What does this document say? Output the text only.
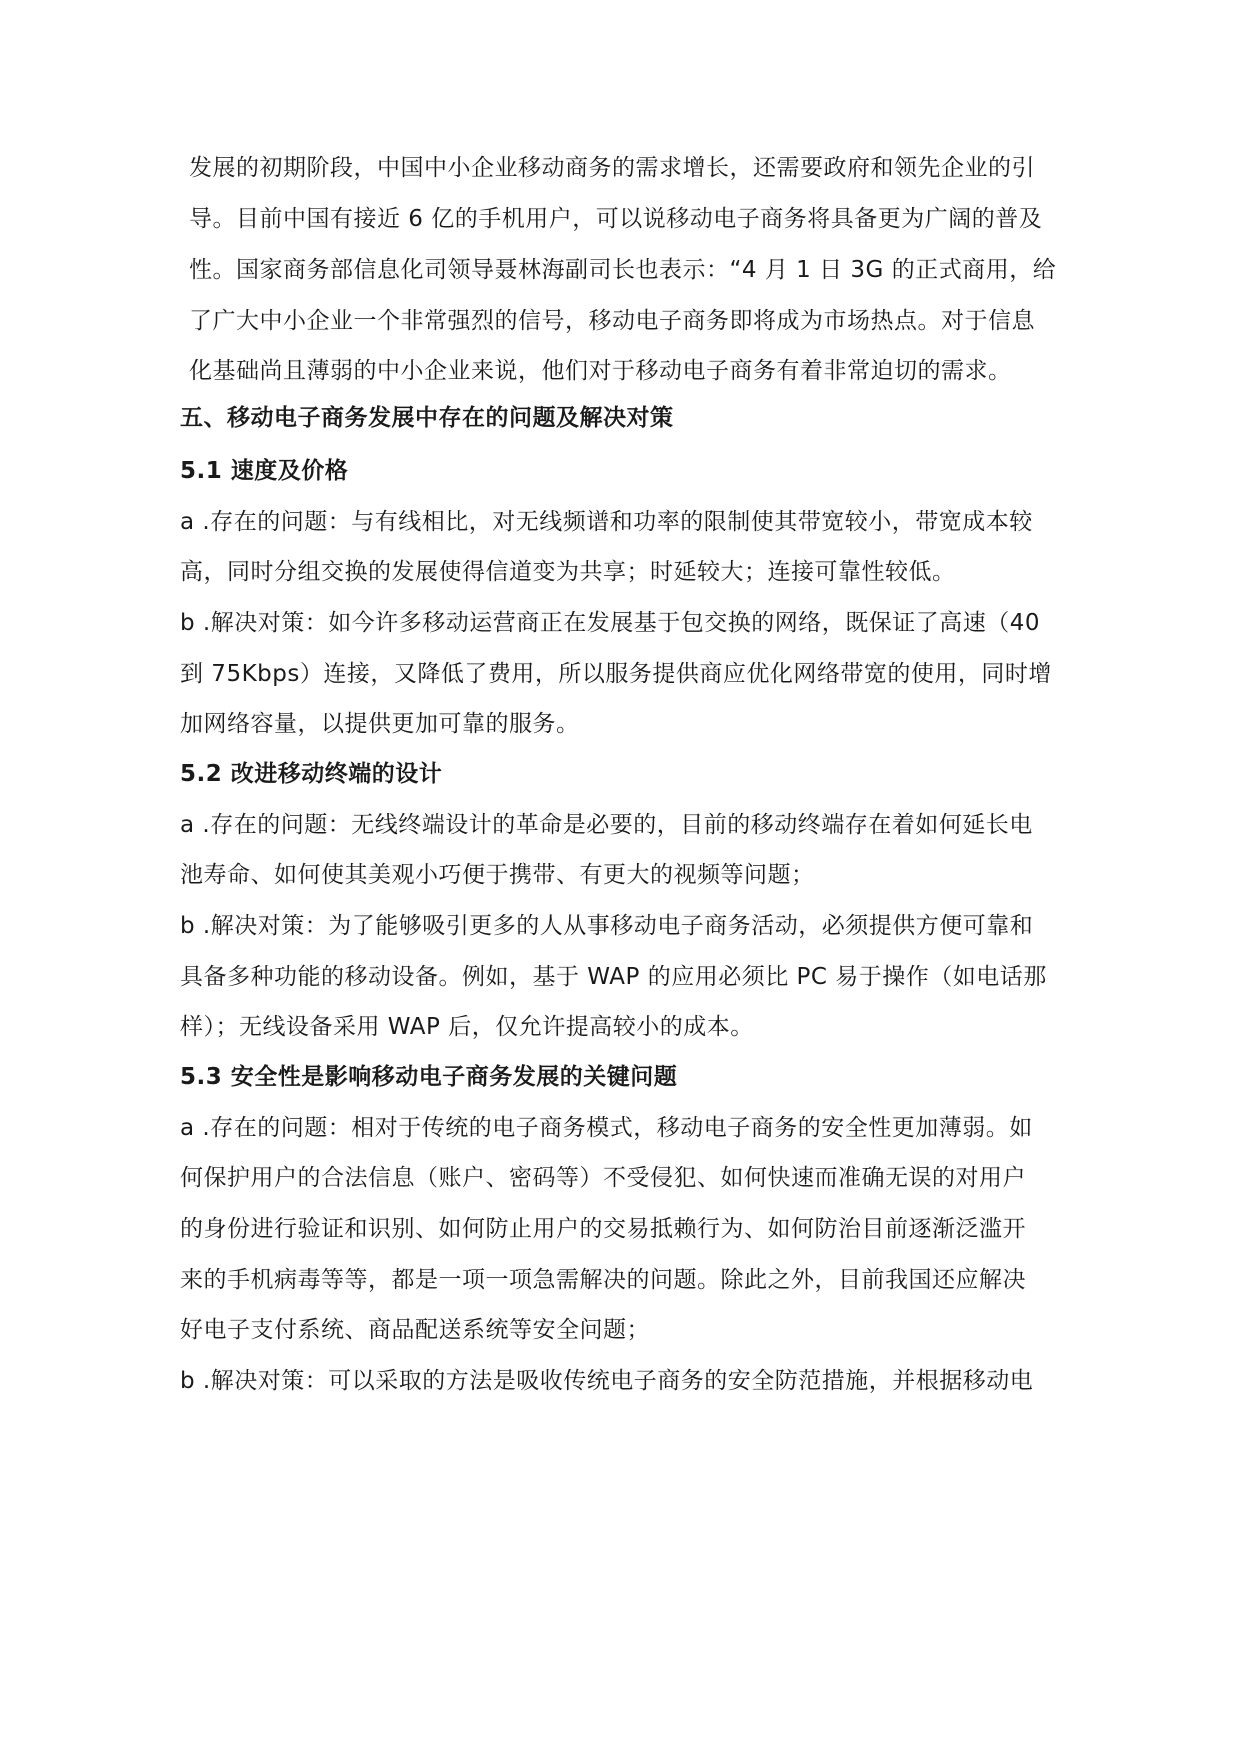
发展的初期阶段，中国中小企业移动商务的需求增长，还需要政府和领先企业的引
导。目前中国有接近 6 亿的手机用户，可以说移动电子商务将具备更为广阔的普及
性。国家商务部信息化司领导聂林海副司长也表示：“4 月 1 日 3G 的正式商用，给
了广大中小企业一个非常强烈的信号，移动电子商务即将成为市场热点。对于信息
化基础尚且薄弱的中小企业来说，他们对于移动电子商务有着非常迫切的需求。
五、移动电子商务发展中存在的问题及解决对策
5.1 速度及价格
a .存在的问题：与有线相比，对无线频谱和功率的限制使其带宽较小，带宽成本较
高，同时分组交换的发展使得信道变为共享；时延较大；连接可靠性较低。
b .解决对策：如今许多移动运营商正在发展基于包交换的网络，既保证了高速（40
到 75Kbps）连接，又降低了费用，所以服务提供商应优化网络带宽的使用，同时增
加网络容量，以提供更加可靠的服务。
5.2 改进移动终端的设计
a .存在的问题：无线终端设计的革命是必要的，目前的移动终端存在着如何延长电
池寿命、如何使其美观小巧便于携带、有更大的视频等问题；
b .解决对策：为了能够吸引更多的人从事移动电子商务活动，必须提供方便可靠和
具备多种功能的移动设备。例如，基于 WAP 的应用必须比 PC 易于操作（如电话那
样）；无线设备采用 WAP 后，仅允许提高较小的成本。
5.3 安全性是影响移动电子商务发展的关键问题
a .存在的问题：相对于传统的电子商务模式，移动电子商务的安全性更加薄弱。如
何保护用户的合法信息（账户、密码等）不受侵犯、如何快速而准确无误的对用户
的身份进行验证和识别、如何防止用户的交易抵赖行为、如何防治目前逐渐泛滥开
来的手机病毒等等，都是一项一项急需解决的问题。除此之外，目前我国还应解决
好电子支付系统、商品配送系统等安全问题；
b .解决对策：可以采取的方法是吸收传统电子商务的安全防范措施，并根据移动电
